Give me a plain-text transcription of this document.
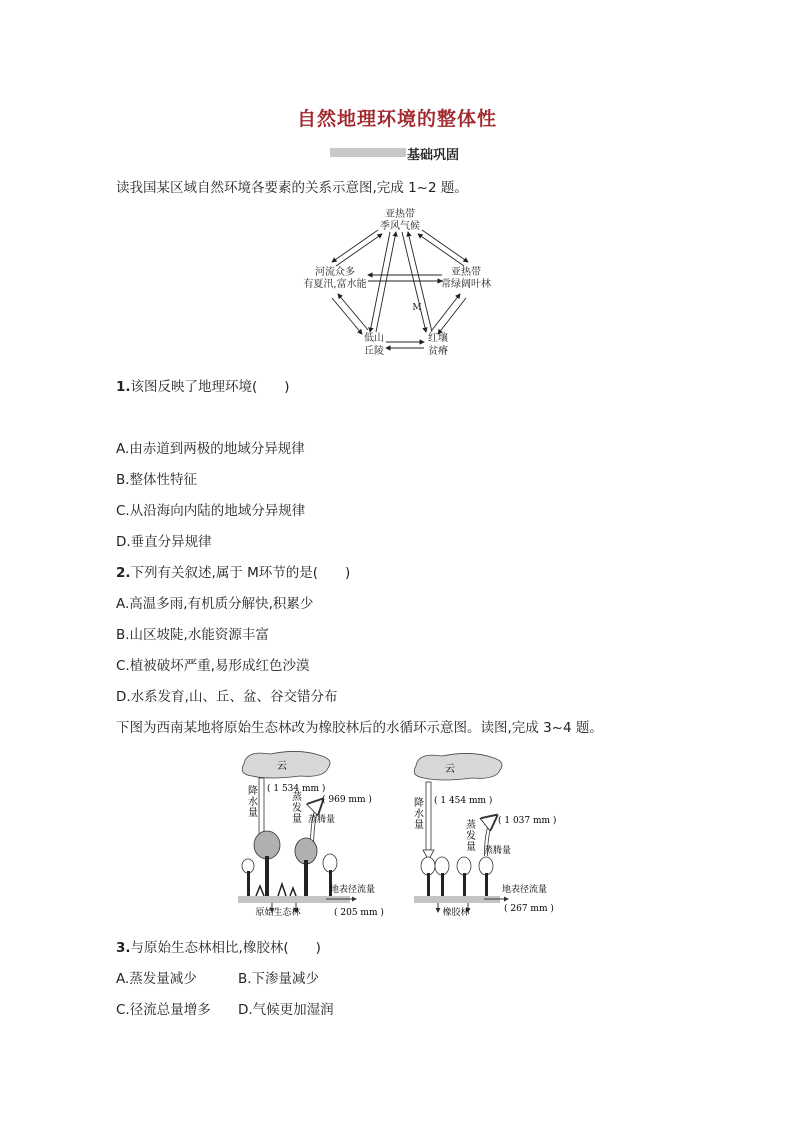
自然地理环境的整体性
基础巩固
读我国某区域自然环境各要素的关系示意图,完成 1~2 题。
亚热带
季风气候
河流众多
有夏汛,富水能
亚热带
常绿阔叶林
低山
丘陵
红壤
贫瘠
M
1.该图反映了地理环境(　　)
A.由赤道到两极的地域分异规律
B.整体性特征
C.从沿海向内陆的地域分异规律
D.垂直分异规律
2.下列有关叙述,属于 M环节的是(　　)
A.高温多雨,有机质分解快,积累少
B.山区坡陡,水能资源丰富
C.植被破坏严重,易形成红色沙漠
D.水系发育,山、丘、盆、谷交错分布
下图为西南某地将原始生态林改为橡胶林后的水循环示意图。读图,完成 3~4 题。
云
降 水 量
( 1 534 mm )
蒸 发 量
( 969 mm )
蒸腾量
地表径流量
( 205 mm )
原始生态林
云
降 水 量
( 1 454 mm )
蒸 发 量
( 1 037 mm )
蒸腾量
地表径流量
( 267 mm )
橡胶林
3.与原始生态林相比,橡胶林(　　)
A.蒸发量减少	B.下渗量减少
C.径流总量增多 D.气候更加湿润
